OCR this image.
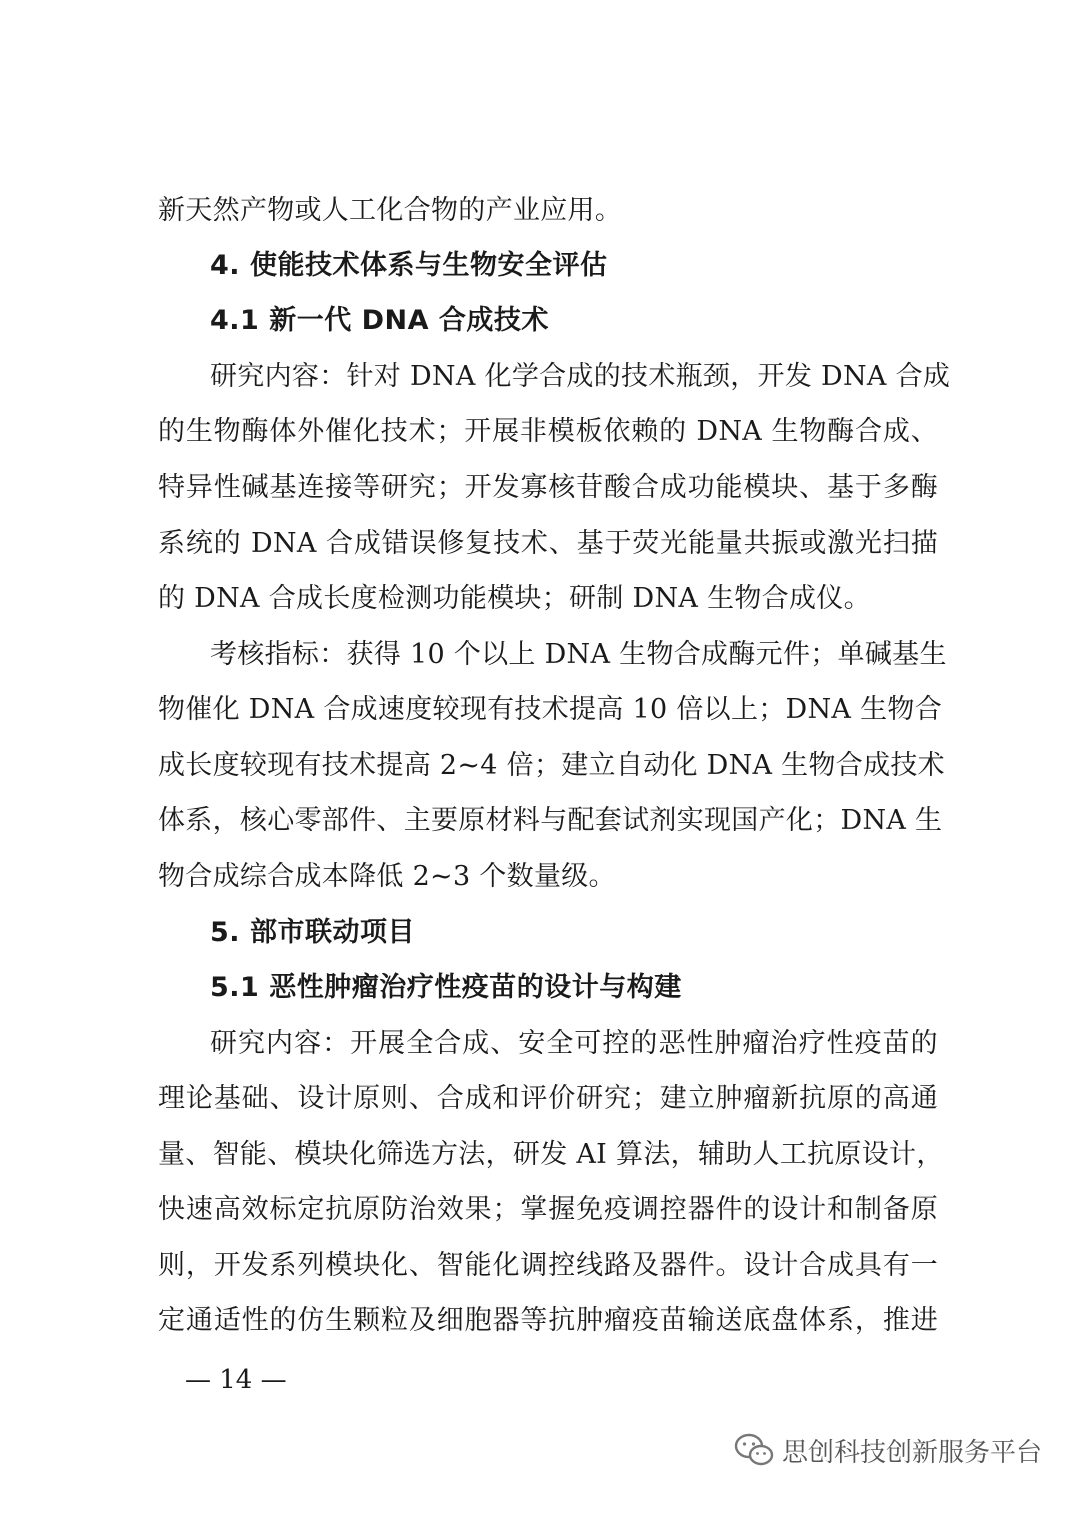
新天然产物或人工化合物的产业应用。
4. 使能技术体系与生物安全评估
4.1 新一代 DNA 合成技术
研究内容：针对 DNA 化学合成的技术瓶颈，开发 DNA 合成
的生物酶体外催化技术；开展非模板依赖的 DNA 生物酶合成、
特异性碱基连接等研究；开发寡核苷酸合成功能模块、基于多酶
系统的 DNA 合成错误修复技术、基于荧光能量共振或激光扫描
的 DNA 合成长度检测功能模块；研制 DNA 生物合成仪。
考核指标：获得 10 个以上 DNA 生物合成酶元件；单碱基生
物催化 DNA 合成速度较现有技术提高 10 倍以上；DNA 生物合
成长度较现有技术提高 2~4 倍；建立自动化 DNA 生物合成技术
体系，核心零部件、主要原材料与配套试剂实现国产化；DNA 生
物合成综合成本降低 2~3 个数量级。
5. 部市联动项目
5.1 恶性肿瘤治疗性疫苗的设计与构建
研究内容：开展全合成、安全可控的恶性肿瘤治疗性疫苗的
理论基础、设计原则、合成和评价研究；建立肿瘤新抗原的高通
量、智能、模块化筛选方法，研发 AI 算法，辅助人工抗原设计，
快速高效标定抗原防治效果；掌握免疫调控器件的设计和制备原
则，开发系列模块化、智能化调控线路及器件。设计合成具有一
定通适性的仿生颗粒及细胞器等抗肿瘤疫苗输送底盘体系，推进
— 14 —
思创科技创新服务平台
